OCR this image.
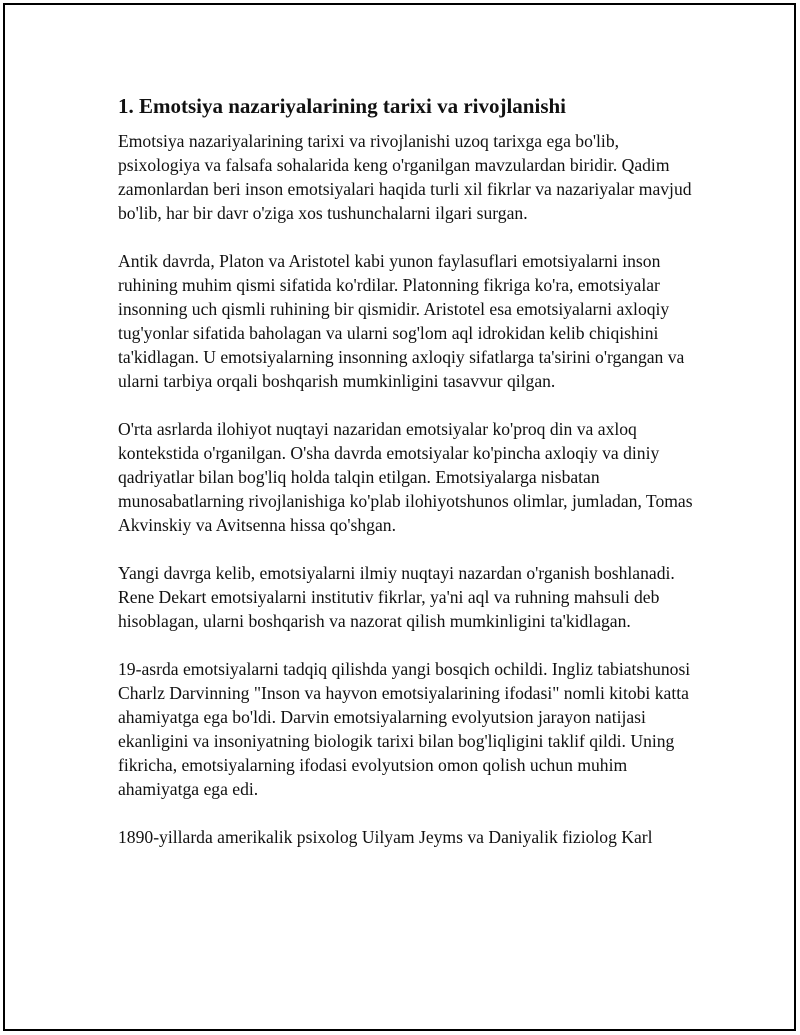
1. Emotsiya nazariyalarining tarixi va rivojlanishi

Emotsiya nazariyalarining tarixi va rivojlanishi uzoq tarixga ega bo'lib, psixologiya va falsafa sohalarida keng o'rganilgan mavzulardan biridir. Qadim zamonlardan beri inson emotsiyalari haqida turli xil fikrlar va nazariyalar mavjud bo'lib, har bir davr o'ziga xos tushunchalarni ilgari surgan.

Antik davrda, Platon va Aristotel kabi yunon faylasuflari emotsiyalarni inson ruhining muhim qismi sifatida ko'rdilar. Platonning fikriga ko'ra, emotsiyalar insonning uch qismli ruhining bir qismidir. Aristotel esa emotsiyalarni axloqiy tug'yonlar sifatida baholagan va ularni sog'lom aql idrokidan kelib chiqishini ta'kidlagan. U emotsiyalarning insonning axloqiy sifatlarga ta'sirini o'rgangan va ularni tarbiya orqali boshqarish mumkinligini tasavvur qilgan.

O'rta asrlarda ilohiyot nuqtayi nazaridan emotsiyalar ko'proq din va axloq kontekstida o'rganilgan. O'sha davrda emotsiyalar ko'pincha axloqiy va diniy qadriyatlar bilan bog'liq holda talqin etilgan. Emotsiyalarga nisbatan munosabatlarning rivojlanishiga ko'plab ilohiyotshunos olimlar, jumladan, Tomas Akvinskiy va Avitsenna hissa qo'shgan.

Yangi davrga kelib, emotsiyalarni ilmiy nuqtayi nazardan o'rganish boshlanadi. Rene Dekart emotsiyalarni institutiv fikrlar, ya'ni aql va ruhning mahsuli deb hisoblagan, ularni boshqarish va nazorat qilish mumkinligini ta'kidlagan.

19-asrda emotsiyalarni tadqiq qilishda yangi bosqich ochildi. Ingliz tabiatshunosi Charlz Darvinning "Inson va hayvon emotsiyalarining ifodasi" nomli kitobi katta ahamiyatga ega bo'ldi. Darvin emotsiyalarning evolyutsion jarayon natijasi ekanligini va insoniyatning biologik tarixi bilan bog'liqligini taklif qildi. Uning fikricha, emotsiyalarning ifodasi evolyutsion omon qolish uchun muhim ahamiyatga ega edi.

1890-yillarda amerikalik psixolog Uilyam Jeyms va Daniyalik fiziolog Karl
